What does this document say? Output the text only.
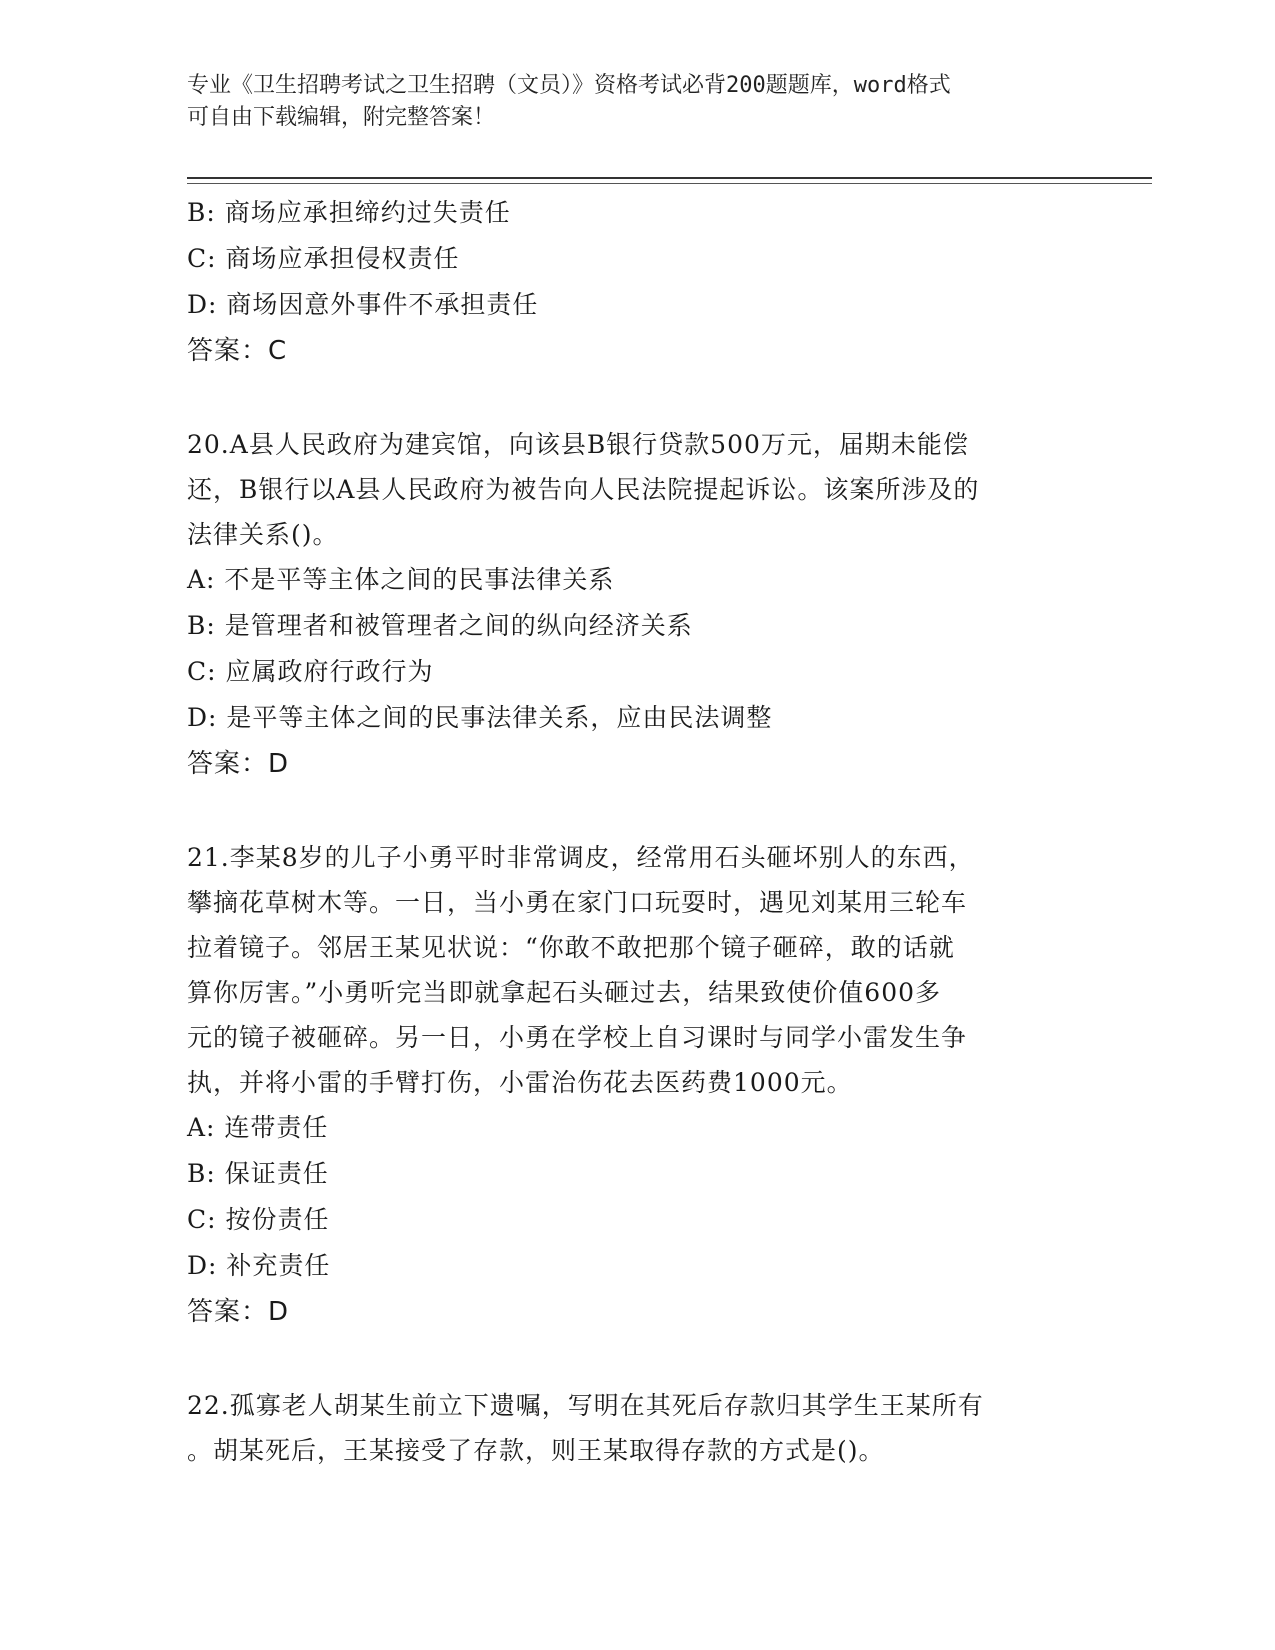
专业《卫生招聘考试之卫生招聘（文员）》资格考试必背200题题库，word格式
可自由下载编辑，附完整答案！
B: 商场应承担缔约过失责任
C: 商场应承担侵权责任
D: 商场因意外事件不承担责任
答案：C
20.A县人民政府为建宾馆，向该县B银行贷款500万元，届期未能偿
还，B银行以A县人民政府为被告向人民法院提起诉讼。该案所涉及的
法律关系()。
A: 不是平等主体之间的民事法律关系
B: 是管理者和被管理者之间的纵向经济关系
C: 应属政府行政行为
D: 是平等主体之间的民事法律关系，应由民法调整
答案：D
21.李某8岁的儿子小勇平时非常调皮，经常用石头砸坏别人的东西，
攀摘花草树木等。一日，当小勇在家门口玩耍时，遇见刘某用三轮车
拉着镜子。邻居王某见状说：“你敢不敢把那个镜子砸碎，敢的话就
算你厉害。”小勇听完当即就拿起石头砸过去，结果致使价值600多
元的镜子被砸碎。另一日，小勇在学校上自习课时与同学小雷发生争
执，并将小雷的手臂打伤，小雷治伤花去医药费1000元。
A: 连带责任
B: 保证责任
C: 按份责任
D: 补充责任
答案：D
22.孤寡老人胡某生前立下遗嘱，写明在其死后存款归其学生王某所有
。胡某死后，王某接受了存款，则王某取得存款的方式是()。
